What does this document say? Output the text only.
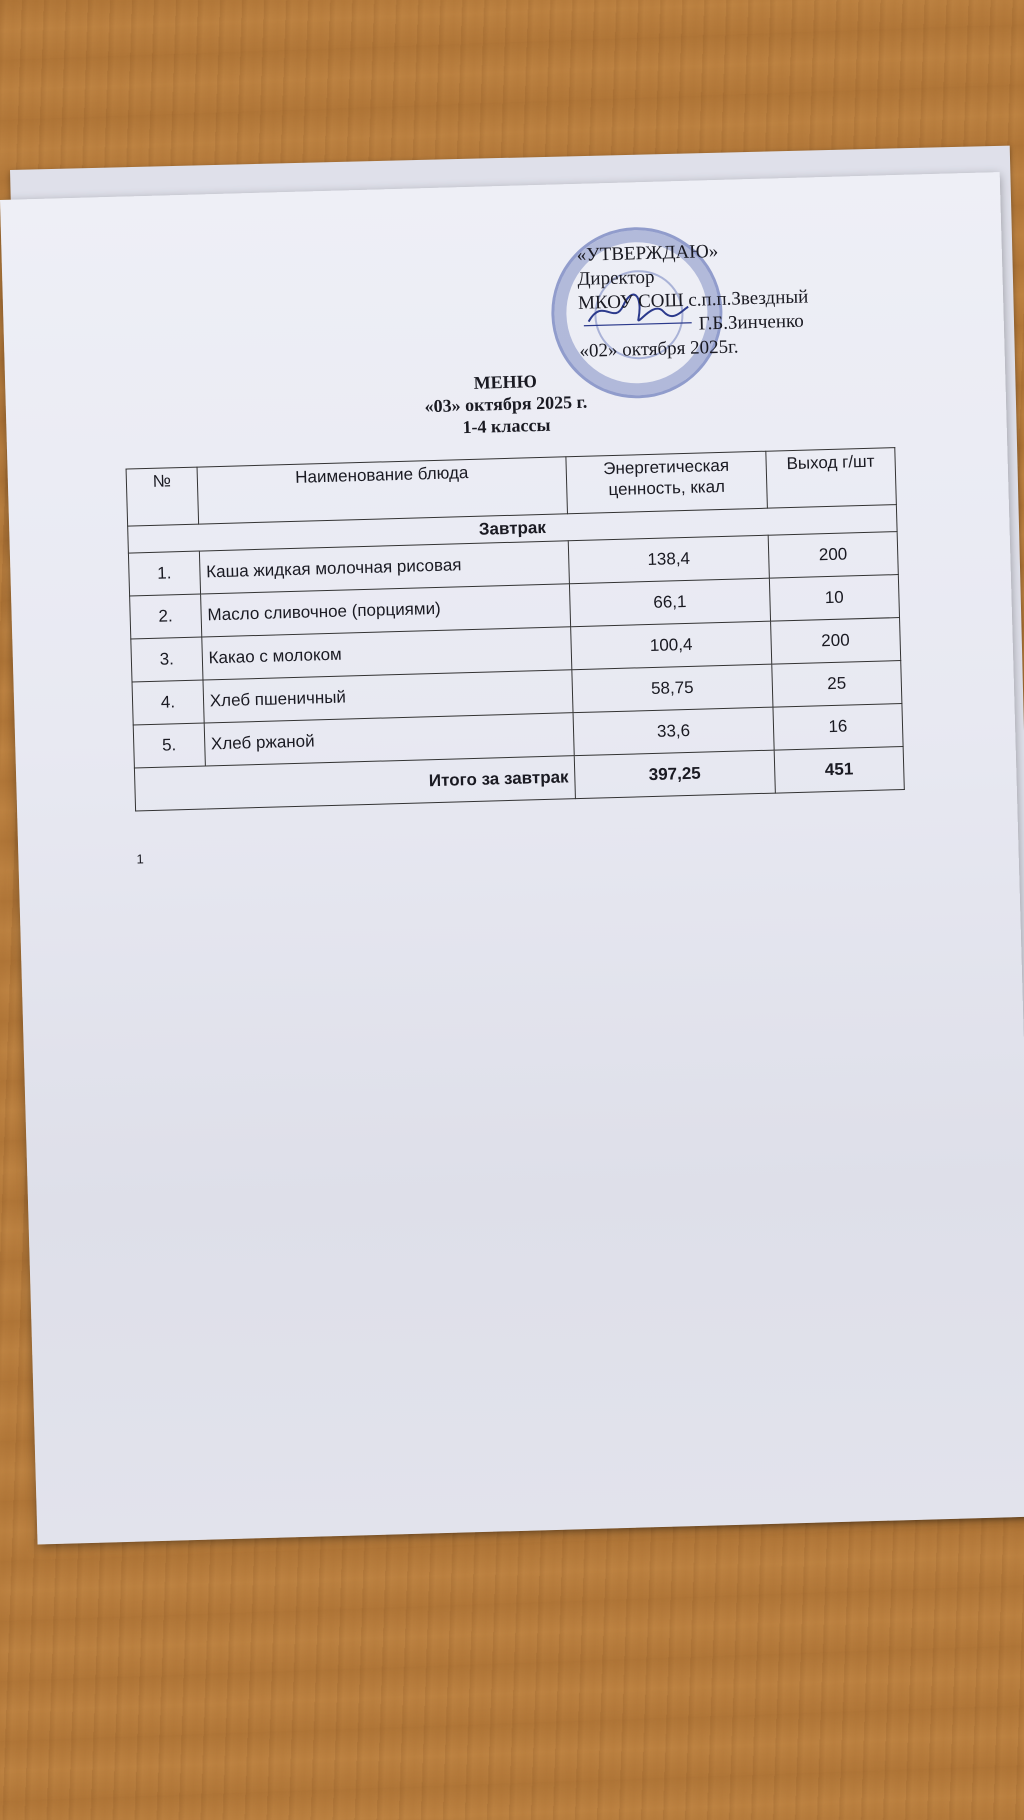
«УТВЕРЖДАЮ»
Директор
МКОУ СОШ с.п.п.Звездный
Г.Б.Зинченко
«02» октября 2025г.
МЕНЮ
«03» октября 2025 г.
1-4 классы
№	Наименование блюда	Энергетическая ценность, ккал	Выход г/шт
Завтрак			
1.	Каша жидкая молочная рисовая	138,4	200
2.	Масло сливочное (порциями)	66,1	10
3.	Какао с молоком	100,4	200
4.	Хлеб пшеничный	58,75	25
5.	Хлеб ржаной	33,6	16
Итого за завтрак		397,25	451
1
